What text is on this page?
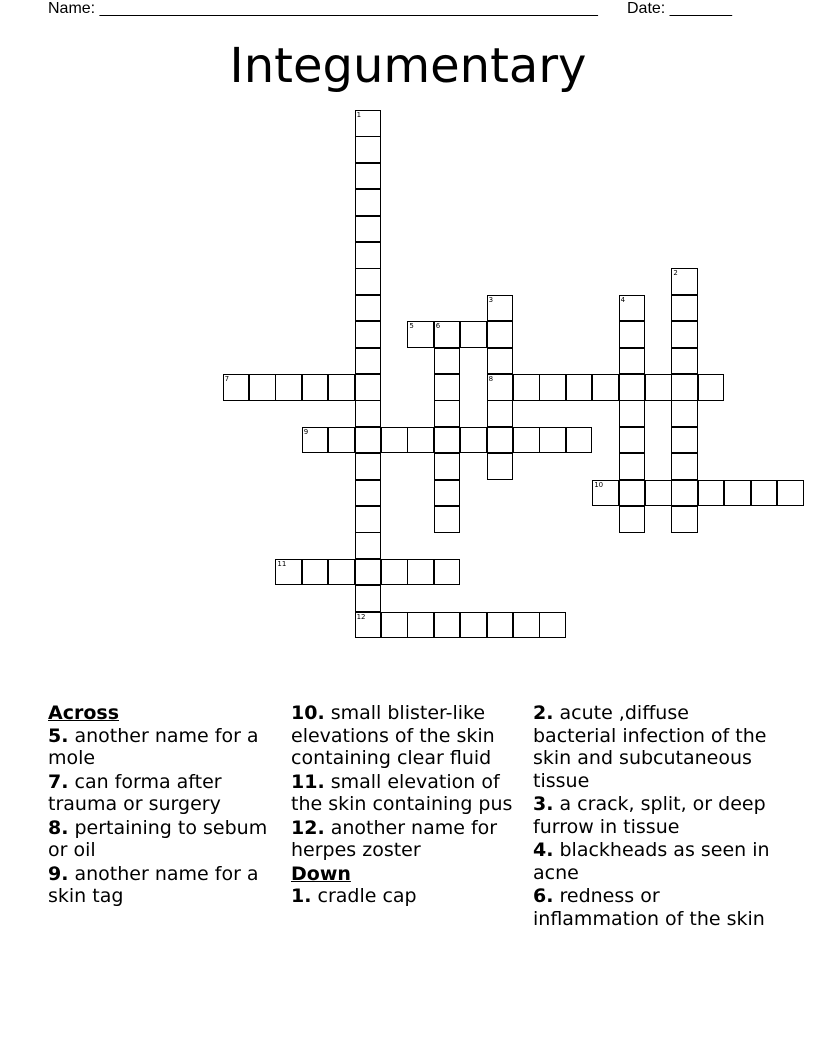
Name: ________________________________________________________ Date: _______
Integumentary
1
12
2
3
8
4
5	6
7
9
10
11
Across
5. another name for a mole
7. can forma after trauma or surgery
8. pertaining to sebum or oil
9. another name for a skin tag
10. small blister-like elevations of the skin containing clear fluid
11. small elevation of the skin containing pus
12. another name for herpes zoster
Down
1. cradle cap
2. acute ,diffuse bacterial infection of the skin and subcutaneous tissue
3. a crack, split, or deep furrow in tissue
4. blackheads as seen in acne
6. redness or inflammation of the skin
